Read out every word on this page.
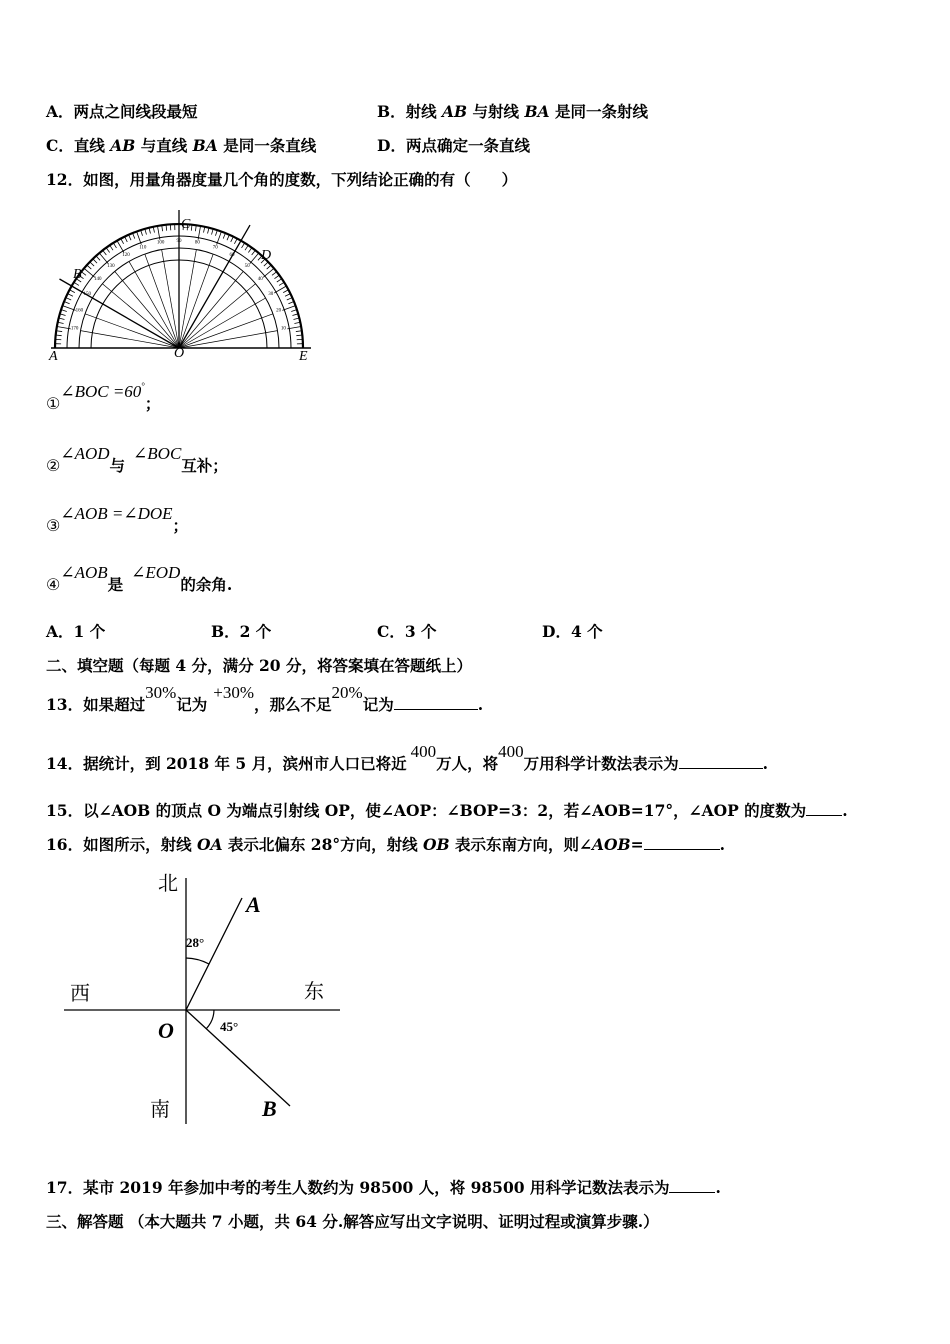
A．两点之间线段最短	B．射线 AB 与射线 BA 是同一条射线
C．直线 AB 与直线 BA 是同一条直线	D．两点确定一条直线
12．如图，用量角器度量几个角的度数，下列结论正确的有（　　）
10
20
30
40
50
60
70
80
90
100
110
120
130
140
150
160
170
A
B
C
D
O	E
①∠BOC =60°；
②∠AOD与∠BOC互补；
③∠AOB =∠DOE；
④∠AOB是∠EOD的余角.
A．1 个	B．2 个	C．3 个	D．4 个
二、填空题（每题 4 分，满分 20 分，将答案填在答题纸上）
13．如果超过30%记为+30%，那么不足20%记为	.
14．据统计，到 2018 年 5 月，滨州市人口已将近400万人，将400万用科学计数法表示为	.
15．以∠AOB 的顶点 O 为端点引射线 OP，使∠AOP：∠BOP=3：2，若∠AOB=17°，∠AOP 的度数为 .
16．如图所示，射线 OA 表示北偏东 28°方向，射线 OB 表示东南方向，则∠AOB=	.
北
西	东
南
A
B
O
28°
45°
17．某市 2019 年参加中考的考生人数约为 98500 人，将 98500 用科学记数法表示为	.
三、解答题 （本大题共 7 小题，共 64 分.解答应写出文字说明、证明过程或演算步骤.）
